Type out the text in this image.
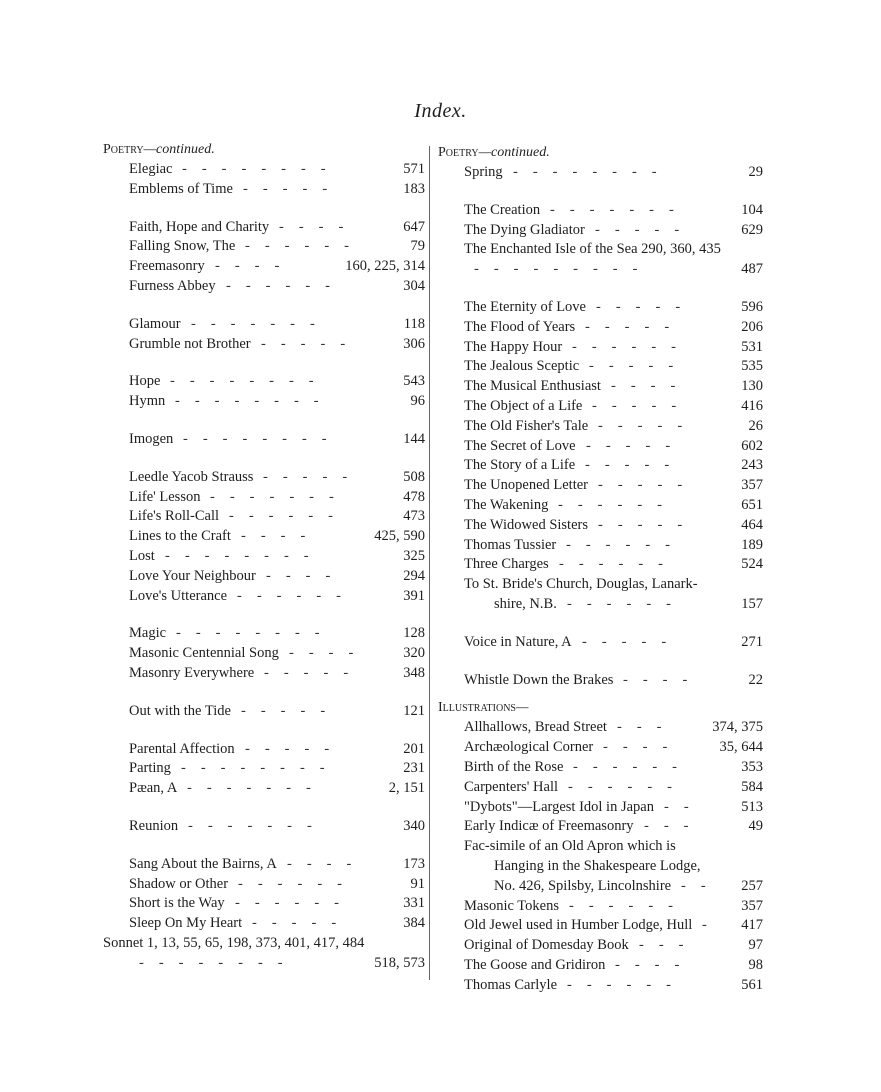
Index.
Poetry—continued.
Elegiac --------	571
Emblems of Time -----	183
Faith, Hope and Charity ----	647
Falling Snow, The ------	79
Freemasonry ----	160, 225, 314
Furness Abbey ------	304
Glamour -------	118
Grumble not Brother -----	306
Hope --------	543
Hymn --------	96
Imogen --------	144
Leedle Yacob Strauss -----	508
Life' Lesson -------	478
Life's Roll-Call ------	473
Lines to the Craft ----	425, 590
Lost --------	325
Love Your Neighbour ----	294
Love's Utterance ------	391
Magic --------	128
Masonic Centennial Song ----	320
Masonry Everywhere -----	348
Out with the Tide -----	121
Parental Affection -----	201
Parting --------	231
Pæan, A -------	2, 151
Reunion -------	340
Sang About the Bairns, A ----	173
Shadow or Other ------	91
Short is the Way ------	331
Sleep On My Heart -----	384
Sonnet 1, 13, 55, 65, 198, 373, 401, 417, 484
--------	518, 573
Poetry—continued.
Spring --------	29
The Creation -------	104
The Dying Gladiator -----	629
The Enchanted Isle of the Sea 290, 360, 435
---------	487
The Eternity of Love -----	596
The Flood of Years -----	206
The Happy Hour ------	531
The Jealous Sceptic -----	535
The Musical Enthusiast ----	130
The Object of a Life -----	416
The Old Fisher's Tale -----	26
The Secret of Love -----	602
The Story of a Life -----	243
The Unopened Letter -----	357
The Wakening ------	651
The Widowed Sisters -----	464
Thomas Tussier ------	189
Three Charges ------	524
To St. Bride's Church, Douglas, Lanark-
shire, N.B. ------	157
Voice in Nature, A -----	271
Whistle Down the Brakes ----	22
Illustrations—
Allhallows, Bread Street ---	374, 375
Archæological Corner ----	35, 644
Birth of the Rose ------	353
Carpenters' Hall ------	584
"Dybots"—Largest Idol in Japan --	513
Early Indicæ of Freemasonry ---	49
Fac-simile of an Old Apron which is
Hanging in the Shakespeare Lodge,
No. 426, Spilsby, Lincolnshire --	257
Masonic Tokens ------	357
Old Jewel used in Humber Lodge, Hull -	417
Original of Domesday Book ---	97
The Goose and Gridiron ----	98
Thomas Carlyle ------	561
